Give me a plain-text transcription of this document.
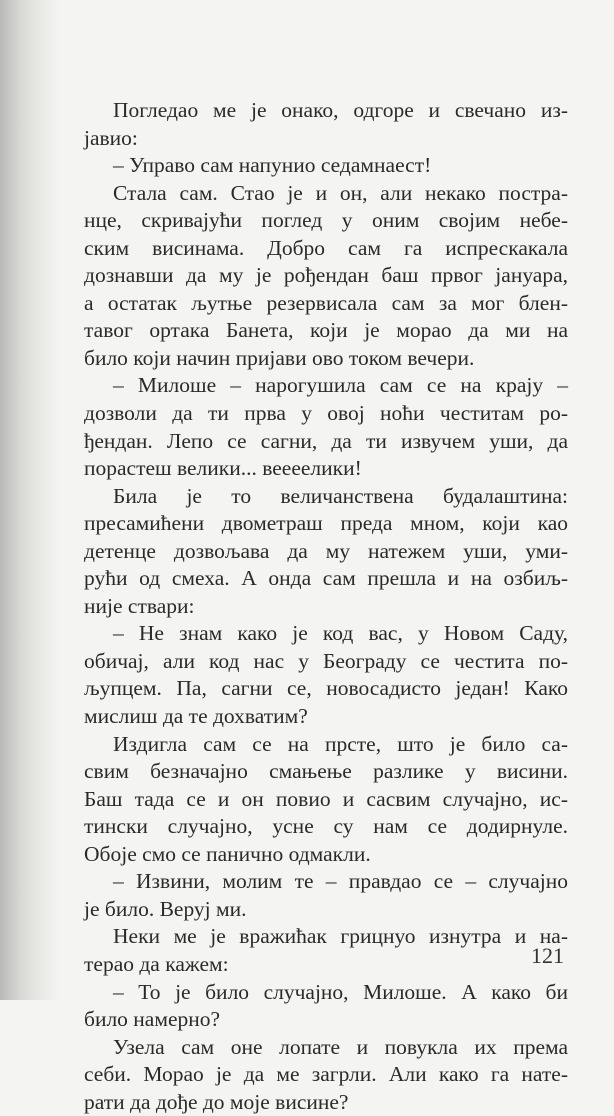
Погледао ме је онако, одгоре и свечано из-
јавио:
– Управо сам напунио седамнаест!
Стала сам. Стао је и он, али некако пострa-
нце, скривајући поглед у оним својим небе-
ским висинама. Добро сам га испрескакала
дознавши да му је рођендан баш првог јануара,
а остатак љутње резервисала сам за мог блен-
тавог ортака Банета, који је морао да ми на
било који начин пријави ово током вечери.
– Милоше – нарогушила сам се на крају –
дозволи да ти прва у овој ноћи честитам ро-
ђендан. Лепо се сагни, да ти извучем уши, да
порастеш велики... веееелики!
Била је то величанствена будалаштина:
пресамићени двометраш преда мном, који као
детенце дозвољава да му натежем уши, уми-
рући од смеха. А онда сам прешла и на озбиљ-
није ствари:
– Не знам како је код вас, у Новом Саду,
обичај, али код нас у Београду се честита по-
љупцем. Па, сагни се, новосадисто један! Како
мислиш да те дохватим?
Издигла сам се на прсте, што је било са-
свим безначајно смањење разлике у висини.
Баш тада се и он повио и сасвим случајно, ис-
тински случајно, усне су нам се додирнуле.
Обоје смо се панично одмакли.
– Извини, молим те – правдао се – случајно
је било. Веруј ми.
Неки ме је вражићак грицнуо изнутра и на-
терао да кажем:
– То је било случајно, Милоше. А како би
било намерно?
Узела сам оне лопате и повукла их према
себи. Морао је да ме загрли. Али како га нате-
рати да дође до моје висине?
121
